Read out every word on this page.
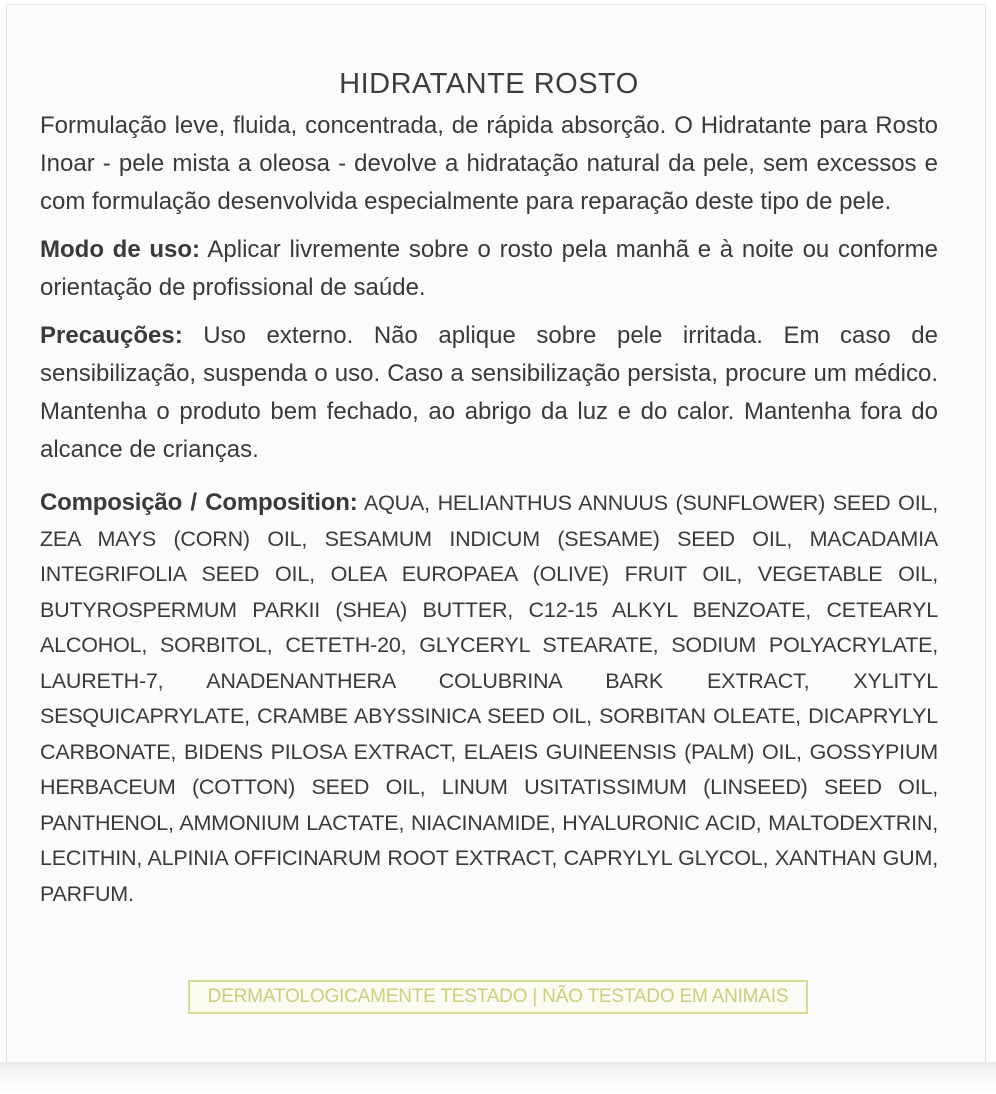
HIDRATANTE ROSTO

Formulação leve, fluida, concentrada, de rápida absorção. O Hidratante para Rosto Inoar - pele mista a oleosa - devolve a hidratação natural da pele, sem excessos e com formulação desenvolvida especialmente para reparação deste tipo de pele.

Modo de uso: Aplicar livremente sobre o rosto pela manhã e à noite ou conforme orientação de profissional de saúde.

Precauções: Uso externo. Não aplique sobre pele irritada. Em caso de sensibilização, suspenda o uso. Caso a sensibilização persista, procure um médico. Mantenha o produto bem fechado, ao abrigo da luz e do calor. Mantenha fora do alcance de crianças.

Composição / Composition: AQUA, HELIANTHUS ANNUUS (SUNFLOWER) SEED OIL, ZEA MAYS (CORN) OIL, SESAMUM INDICUM (SESAME) SEED OIL, MACADAMIA INTEGRIFOLIA SEED OIL, OLEA EUROPAEA (OLIVE) FRUIT OIL, VEGETABLE OIL, BUTYROSPERMUM PARKII (SHEA) BUTTER, C12-15 ALKYL BENZOATE, CETEARYL ALCOHOL, SORBITOL, CETETH-20, GLYCERYL STEARATE, SODIUM POLYACRYLATE, LAURETH-7, ANADENANTHERA COLUBRINA BARK EXTRACT, XYLITYL SESQUICAPRYLATE, CRAMBE ABYSSINICA SEED OIL, SORBITAN OLEATE, DICAPRYLYL CARBONATE, BIDENS PILOSA EXTRACT, ELAEIS GUINEENSIS (PALM) OIL, GOSSYPIUM HERBACEUM (COTTON) SEED OIL, LINUM USITATISSIMUM (LINSEED) SEED OIL, PANTHENOL, AMMONIUM LACTATE, NIACINAMIDE, HYALURONIC ACID, MALTODEXTRIN, LECITHIN, ALPINIA OFFICINARUM ROOT EXTRACT, CAPRYLYL GLYCOL, XANTHAN GUM, PARFUM.

DERMATOLOGICAMENTE TESTADO | NÃO TESTADO EM ANIMAIS
